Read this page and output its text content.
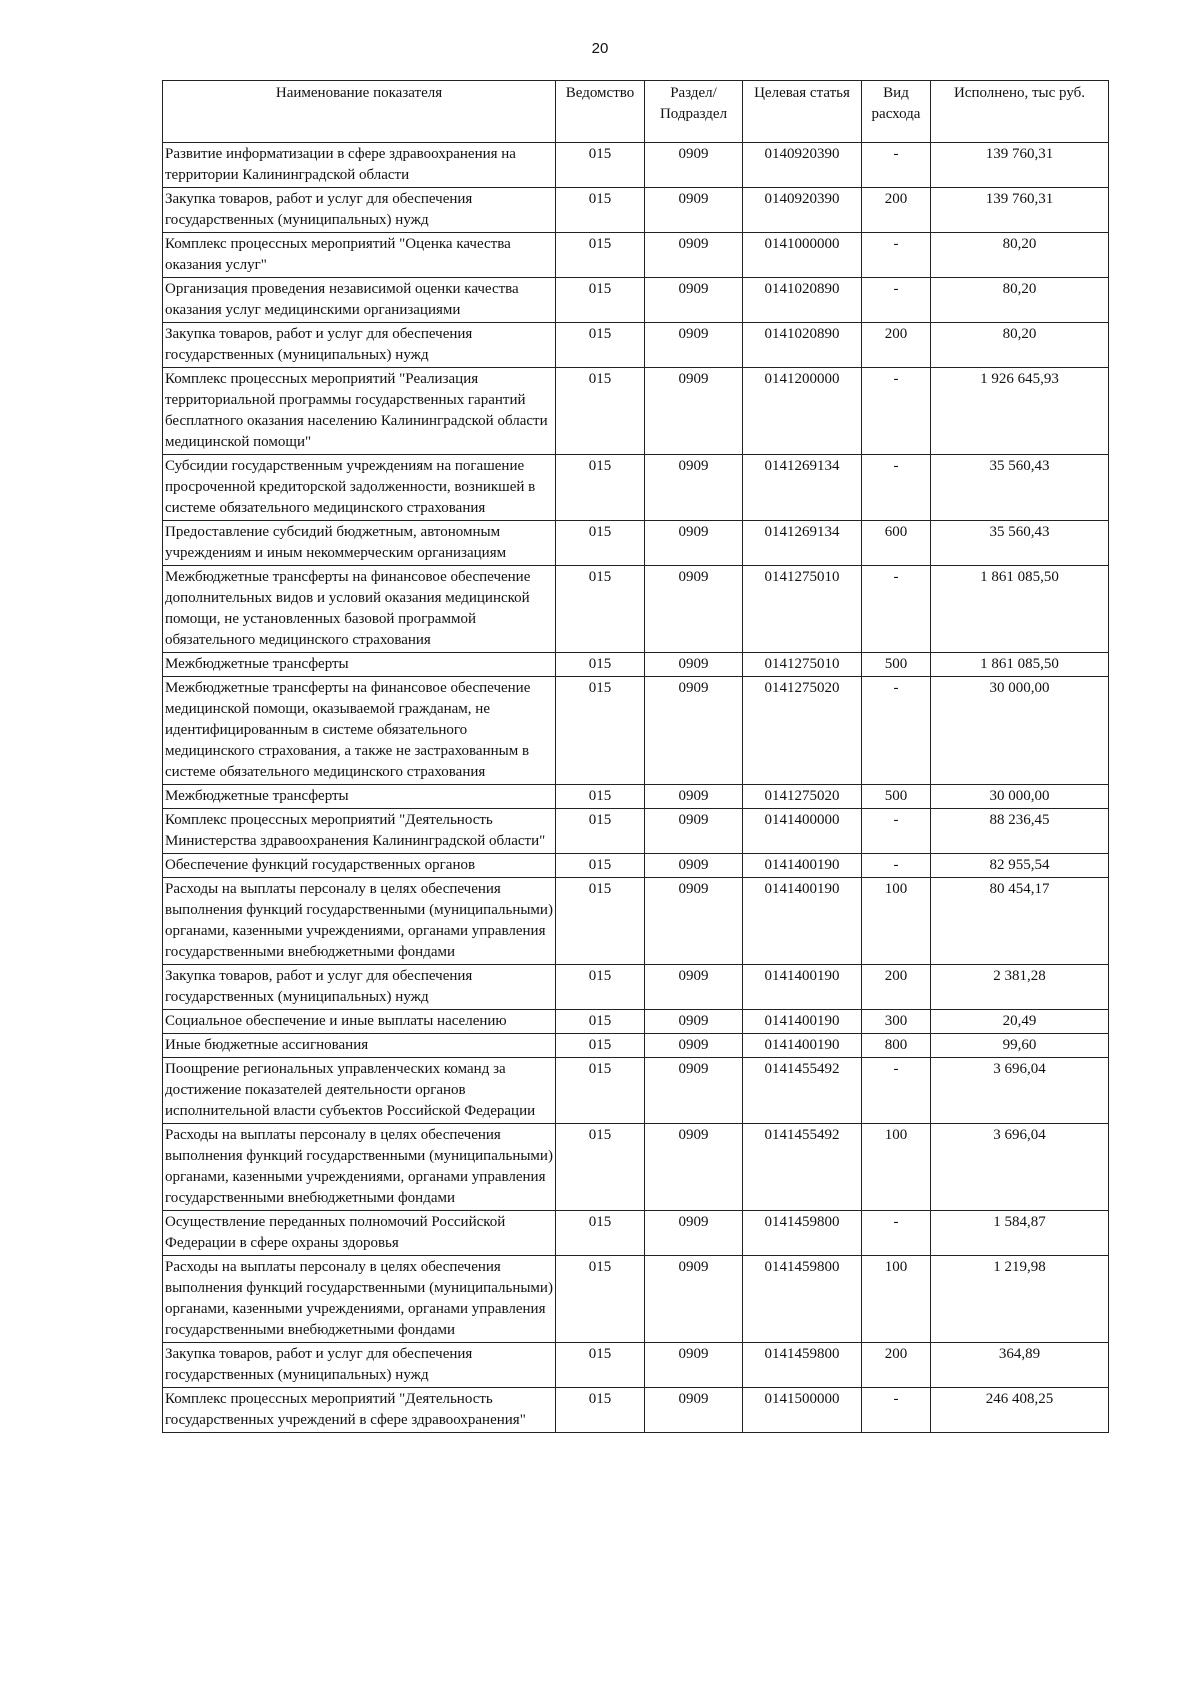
20
Наименование показателя	Ведомство	Раздел/ Подраздел	Целевая статья	Вид расхода	Исполнено, тыс руб.
Развитие информатизации в сфере здравоохранения на территории Калининградской области	015	0909	0140920390	-	139 760,31
Закупка товаров, работ и услуг для обеспечения государственных (муниципальных) нужд	015	0909	0140920390	200	139 760,31
Комплекс процессных мероприятий "Оценка качества оказания услуг"	015	0909	0141000000	-	80,20
Организация проведения независимой оценки качества оказания услуг медицинскими организациями	015	0909	0141020890	-	80,20
Закупка товаров, работ и услуг для обеспечения государственных (муниципальных) нужд	015	0909	0141020890	200	80,20
Комплекс процессных мероприятий "Реализация территориальной программы государственных гарантий бесплатного оказания населению Калининградской области медицинской помощи"	015	0909	0141200000	-	1 926 645,93
Субсидии государственным учреждениям на погашение просроченной кредиторской задолженности, возникшей в системе обязательного медицинского страхования	015	0909	0141269134	-	35 560,43
Предоставление субсидий бюджетным, автономным учреждениям и иным некоммерческим организациям	015	0909	0141269134	600	35 560,43
Межбюджетные трансферты на финансовое обеспечение дополнительных видов и условий оказания медицинской помощи, не установленных базовой программой обязательного медицинского страхования	015	0909	0141275010	-	1 861 085,50
Межбюджетные трансферты	015	0909	0141275010	500	1 861 085,50
Межбюджетные трансферты на финансовое обеспечение медицинской помощи, оказываемой гражданам, не идентифицированным в системе обязательного медицинского страхования, а также не застрахованным в системе обязательного медицинского страхования	015	0909	0141275020	-	30 000,00
Межбюджетные трансферты	015	0909	0141275020	500	30 000,00
Комплекс процессных мероприятий "Деятельность Министерства здравоохранения Калининградской области"	015	0909	0141400000	-	88 236,45
Обеспечение функций государственных органов	015	0909	0141400190	-	82 955,54
Расходы на выплаты персоналу в целях обеспечения выполнения функций государственными (муниципальными) органами, казенными учреждениями, органами управления государственными внебюджетными фондами	015	0909	0141400190	100	80 454,17
Закупка товаров, работ и услуг для обеспечения государственных (муниципальных) нужд	015	0909	0141400190	200	2 381,28
Социальное обеспечение и иные выплаты населению	015	0909	0141400190	300	20,49
Иные бюджетные ассигнования	015	0909	0141400190	800	99,60
Поощрение региональных управленческих команд за достижение показателей деятельности органов исполнительной власти субъектов Российской Федерации	015	0909	0141455492	-	3 696,04
Расходы на выплаты персоналу в целях обеспечения выполнения функций государственными (муниципальными) органами, казенными учреждениями, органами управления государственными внебюджетными фондами	015	0909	0141455492	100	3 696,04
Осуществление переданных полномочий Российской Федерации в сфере охраны здоровья	015	0909	0141459800	-	1 584,87
Расходы на выплаты персоналу в целях обеспечения выполнения функций государственными (муниципальными) органами, казенными учреждениями, органами управления государственными внебюджетными фондами	015	0909	0141459800	100	1 219,98
Закупка товаров, работ и услуг для обеспечения государственных (муниципальных) нужд	015	0909	0141459800	200	364,89
Комплекс процессных мероприятий "Деятельность государственных учреждений в сфере здравоохранения"	015	0909	0141500000	-	246 408,25
